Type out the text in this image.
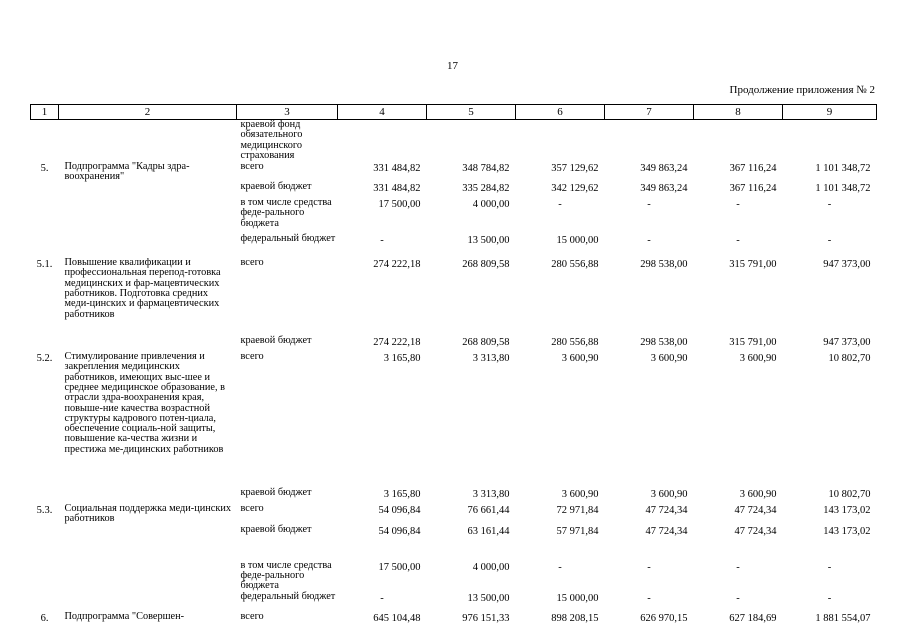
17
Продолжение приложения № 2
1	2	3	4	5	6	7	8	9
		краевой фонд обязательного медицинского страхования						
5.	Подпрограмма "Кадры здра-воохранения"	всего	331 484,82	348 784,82	357 129,62	349 863,24	367 116,24	1 101 348,72
		краевой бюджет	331 484,82	335 284,82	342 129,62	349 863,24	367 116,24	1 101 348,72
		в том числе средства феде-рального бюджета	17 500,00	4 000,00	-	-	-	-
		федеральный бюджет	-	13 500,00	15 000,00	-	-	-
5.1.	Повышение квалификации и профессиональная перепод-готовка медицинских и фар-мацевтических работников. Подготовка средних меди-цинских и фармацевтических работников	всего	274 222,18	268 809,58	280 556,88	298 538,00	315 791,00	947 373,00
		краевой бюджет	274 222,18	268 809,58	280 556,88	298 538,00	315 791,00	947 373,00
5.2.	Стимулирование привлечения и закрепления медицинских работников, имеющих выс-шее и среднее медицинское образование, в отрасли здра-воохранения края, повыше-ние качества возрастной структуры кадрового потен-циала, обеспечение социаль-ной защиты, повышение ка-чества жизни и престижа ме-дицинских работников	всего	3 165,80	3 313,80	3 600,90	3 600,90	3 600,90	10 802,70
		краевой бюджет	3 165,80	3 313,80	3 600,90	3 600,90	3 600,90	10 802,70
5.3.	Социальная поддержка меди-цинских работников	всего	54 096,84	76 661,44	72 971,84	47 724,34	47 724,34	143 173,02
		краевой бюджет	54 096,84	63 161,44	57 971,84	47 724,34	47 724,34	143 173,02
		в том числе средства феде-рального бюджета	17 500,00	4 000,00	-	-	-	-
		федеральный бюджет	-	13 500,00	15 000,00	-	-	-
6.	Подпрограмма "Совершен-	всего	645 104,48	976 151,33	898 208,15	626 970,15	627 184,69	1 881 554,07
